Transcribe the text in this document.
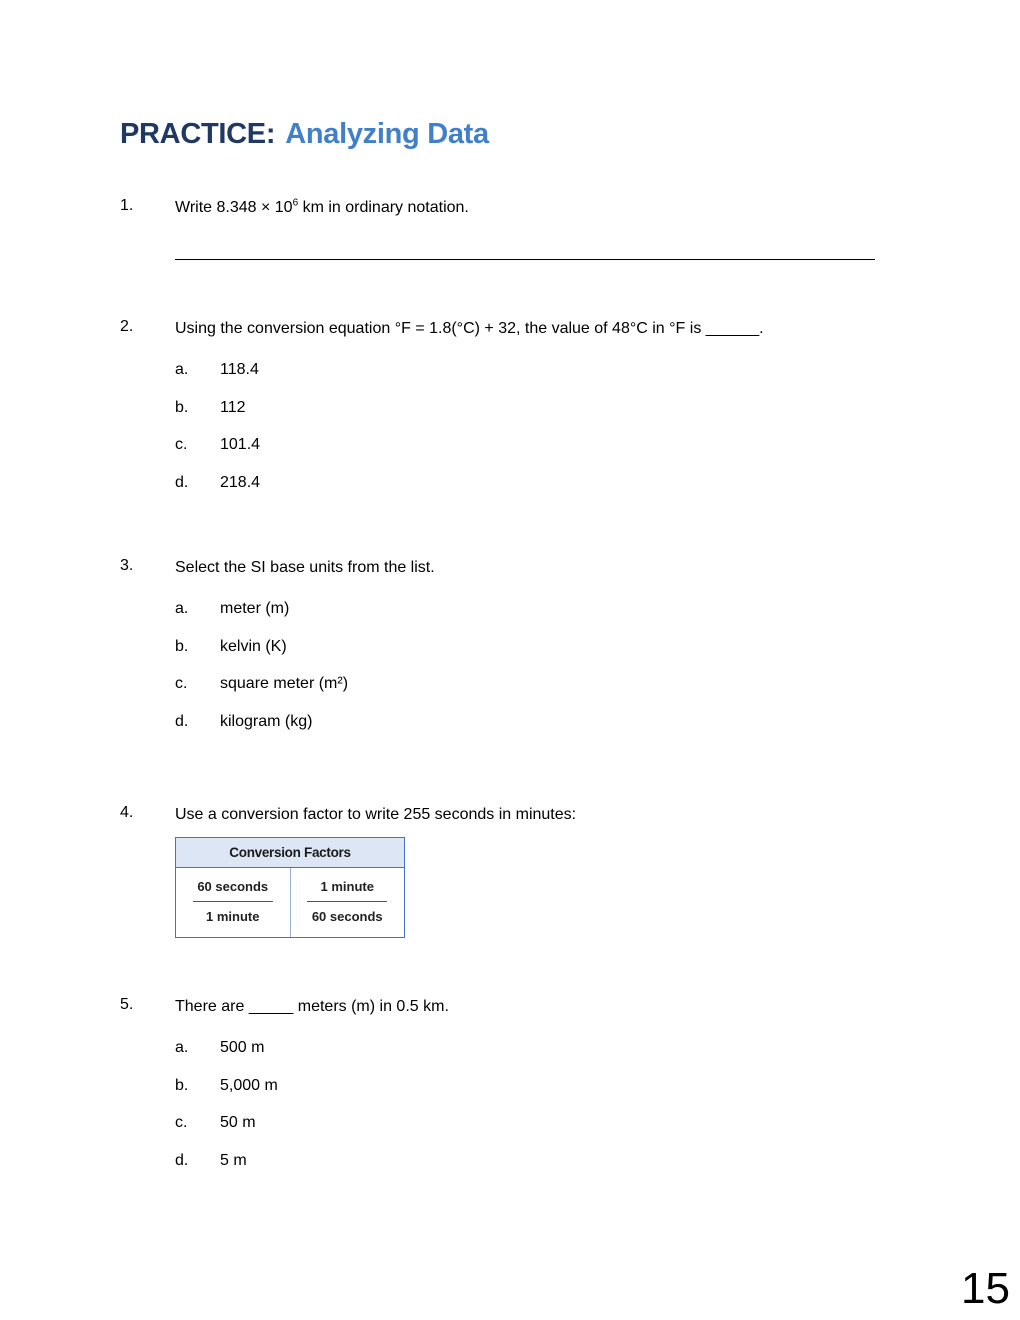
PRACTICE: Analyzing Data
1.	Write $8.348 \times 10^6$ km in ordinary notation.

2.	Using the conversion equation °F = 1.8(°C) + 32, the value of 48°C in °F is ______.

a.	118.4
b.	112
c.	101.4
d.	218.4
3.	Select the SI base units from the list.

a.	meter (m)
b.	kelvin (K)
c.	square meter (m²)
d.	kilogram (kg)
4.	Use a conversion factor to write 255 seconds in minutes:

Conversion Factors
$\frac{\text{60 seconds}}{\text{1 minute}} \frac{\text{1 minute}}{\text{60 seconds}}$
5.	There are _____ meters (m) in 0.5 km.

a.	500 m
b.	5,000 m
c.	50 m
d.	5 m
15
